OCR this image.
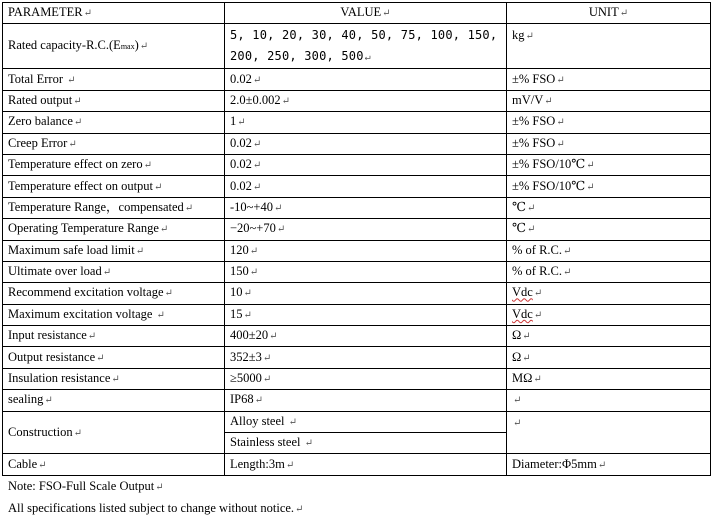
PARAMETER↵	VALUE↵	UNIT↵
Rated capacity-R.C.(Emax)↵	5, 10, 20, 30, 40, 50, 75, 100, 150, 200, 250, 300, 500↵	kg↵
Total Error ↵	0.02↵	±% FSO↵
Rated output↵	2.0±0.002↵	mV/V↵
Zero balance↵	1↵	±% FSO↵
Creep Error↵	0.02↵	±% FSO↵
Temperature effect on zero↵	0.02↵	±% FSO/10℃↵
Temperature effect on output↵	0.02↵	±% FSO/10℃↵
Temperature Range，compensated↵	-10~+40↵	℃↵
Operating Temperature Range↵	−20~+70↵	℃↵
Maximum safe load limit↵	120↵	% of R.C.↵
Ultimate over load↵	150↵	% of R.C.↵
Recommend excitation voltage↵	10↵	Vdc↵
Maximum excitation voltage ↵	15↵	Vdc↵
Input resistance↵	400±20↵	Ω↵
Output resistance↵	352±3↵	Ω↵
Insulation resistance↵	≥5000↵	MΩ↵
sealing↵	IP68↵	↵
Construction↵	Alloy steel ↵	↵
	Stainless steel ↵	
Cable↵	Length:3m↵	Diameter:Φ5mm↵
Note: FSO-Full Scale Output↵
All specifications listed subject to change without notice.↵
